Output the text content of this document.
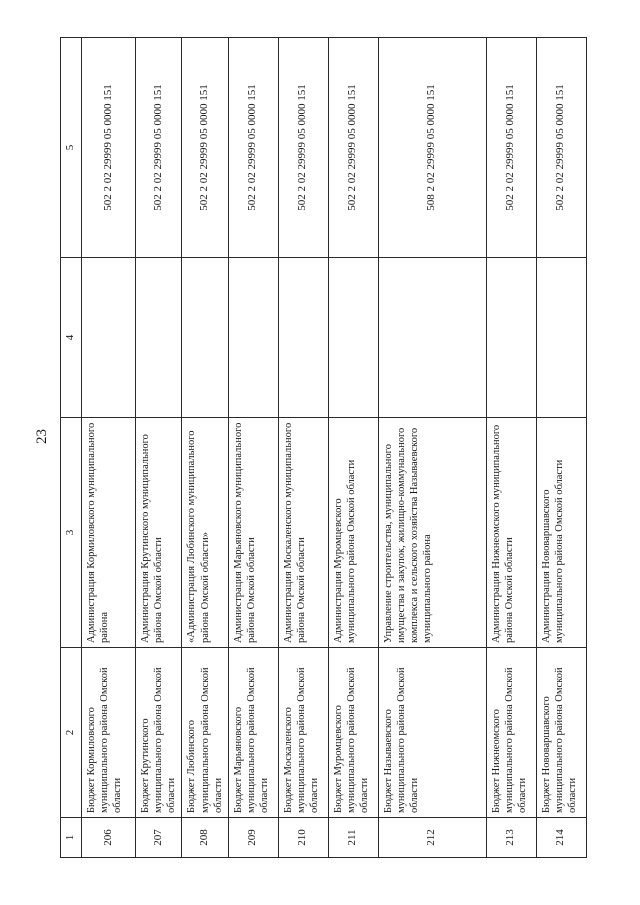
23
1	2	3	4	5
206	Бюджет Кормиловского муниципального района Омской области	Администрация Кормиловского муниципального района		502 2 02 29999 05 0000 151
207	Бюджет Крутинского муниципального района Омской области	Администрация Крутинского муниципального района Омской области		502 2 02 29999 05 0000 151
208	Бюджет Любинского муниципального района Омской области	«Администрация Любинского муниципального района Омской области»		502 2 02 29999 05 0000 151
209	Бюджет Марьяновского муниципального района Омской области	Администрация Марьяновского муниципального района Омской области		502 2 02 29999 05 0000 151
210	Бюджет Москаленского муниципального района Омской области	Администрация Москаленского муниципального района Омской области		502 2 02 29999 05 0000 151
211	Бюджет Муромцевского муниципального района Омской области	Администрация Муромцевского муниципального района Омской области		502 2 02 29999 05 0000 151
212	Бюджет Называевского муниципального района Омской области	Управление строительства, муниципального имущества и закупок, жилищно-коммунального комплекса и сельского хозяйства Называевского муниципального района		508 2 02 29999 05 0000 151
213	Бюджет Нижнеомского муниципального района Омской области	Администрация Нижнеомского муниципального района Омской области		502 2 02 29999 05 0000 151
214	Бюджет Нововаршавского муниципального района Омской области	Администрация Нововаршавского муниципального района Омской области		502 2 02 29999 05 0000 151
